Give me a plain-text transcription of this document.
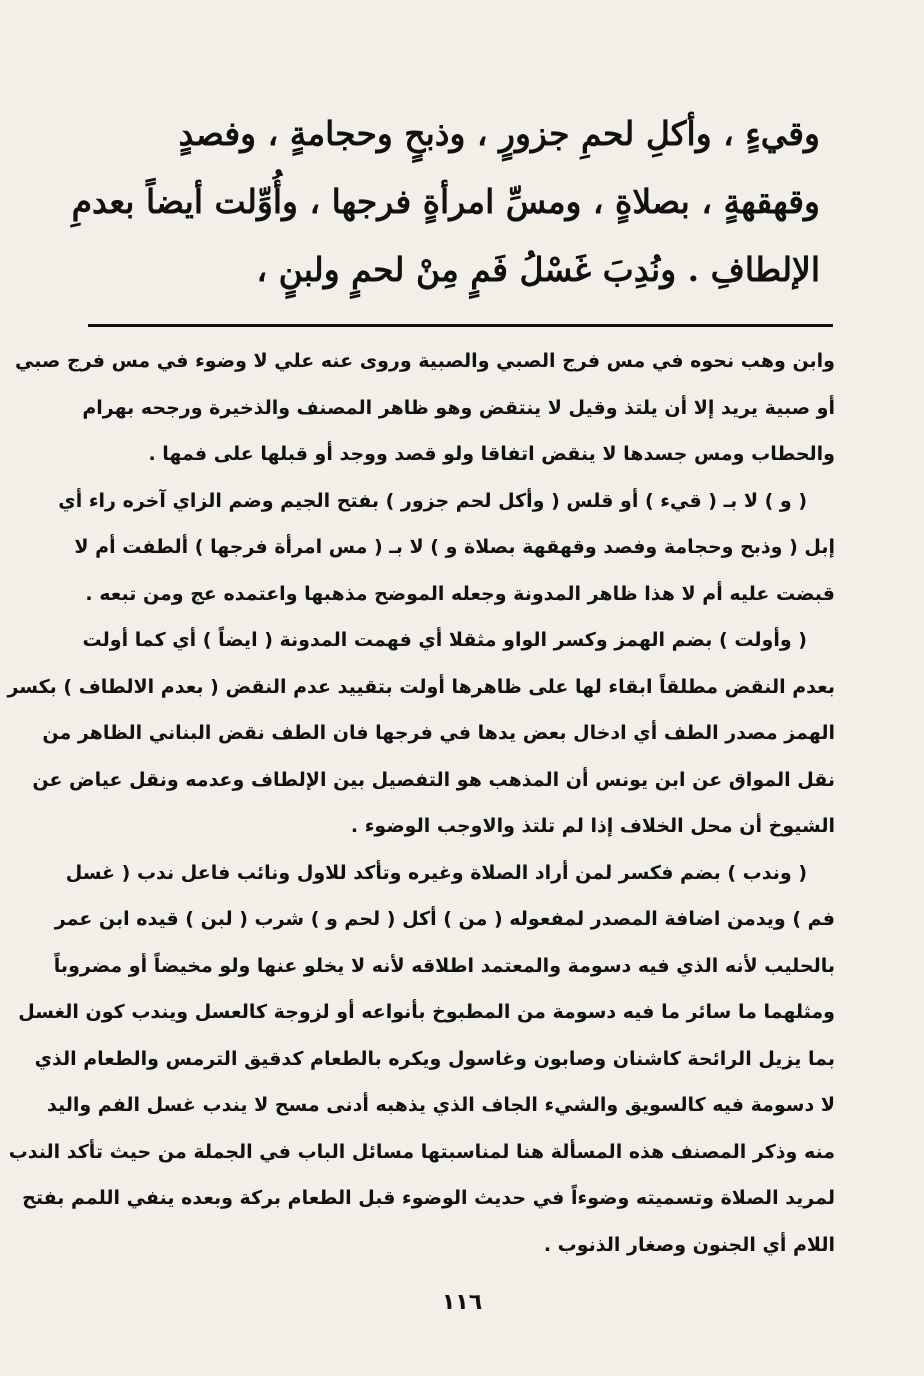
وقيءٍ ، وأكلِ لحمِ جزورٍ ، وذبحٍ وحجامةٍ ، وفصدٍ
وقهقهةٍ ، بصلاةٍ ، ومسِّ امرأةٍ فرجها ، وأُوِّلت أيضاً بعدمِ
الإلطافِ . ونُدِبَ غَسْلُ فَمٍ مِنْ لحمٍ ولبنٍ ،
وابن وهب نحوه في مس فرج الصبي والصبية وروى عنه علي لا وضوء في مس فرج صبي
أو صبية يريد إلا أن يلتذ وقيل لا ينتقض وهو ظاهر المصنف والذخيرة ورجحه بهرام
والحطاب ومس جسدها لا ينقض اتفاقا ولو قصد ووجد أو قبلها على فمها .
( و ) لا بـ ( قيء ) أو قلس ( وأكل لحم جزور ) بفتح الجيم وضم الزاي آخره راء أي
إبل ( وذبح وحجامة وفصد وقهقهة بصلاة و ) لا بـ ( مس امرأة فرجها ) ألطفت أم لا
قبضت عليه أم لا هذا ظاهر المدونة وجعله الموضح مذهبها واعتمده عج ومن تبعه .
( وأولت ) بضم الهمز وكسر الواو مثقلا أي فهمت المدونة ( ايضاً ) أي كما أولت
بعدم النقض مطلقاً ابقاء لها على ظاهرها أولت بتقييد عدم النقض ( بعدم الالطاف ) بكسر
الهمز مصدر الطف أي ادخال بعض يدها في فرجها فان الطف نقض البناني الظاهر من
نقل المواق عن ابن يونس أن المذهب هو التفصيل بين الإلطاف وعدمه ونقل عياض عن
الشيوخ أن محل الخلاف إذا لم تلتذ والاوجب الوضوء .
( وندب ) بضم فكسر لمن أراد الصلاة وغيره وتأكد للاول ونائب فاعل ندب ( غسل
فم ) ويدمن اضافة المصدر لمفعوله ( من ) أكل ( لحم و ) شرب ( لبن ) قيده ابن عمر
بالحليب لأنه الذي فيه دسومة والمعتمد اطلاقه لأنه لا يخلو عنها ولو مخيضاً أو مضروباً
ومثلهما ما سائر ما فيه دسومة من المطبوخ بأنواعه أو لزوجة كالعسل ويندب كون الغسل
بما يزيل الرائحة كاشنان وصابون وغاسول ويكره بالطعام كدقيق الترمس والطعام الذي
لا دسومة فيه كالسويق والشيء الجاف الذي يذهبه أدنى مسح لا يندب غسل الفم واليد
منه وذكر المصنف هذه المسألة هنا لمناسبتها مسائل الباب في الجملة من حيث تأكد الندب
لمريد الصلاة وتسميته وضوءاً في حديث الوضوء قبل الطعام بركة وبعده ينفي اللمم بفتح
اللام أي الجنون وصغار الذنوب .
١١٦
